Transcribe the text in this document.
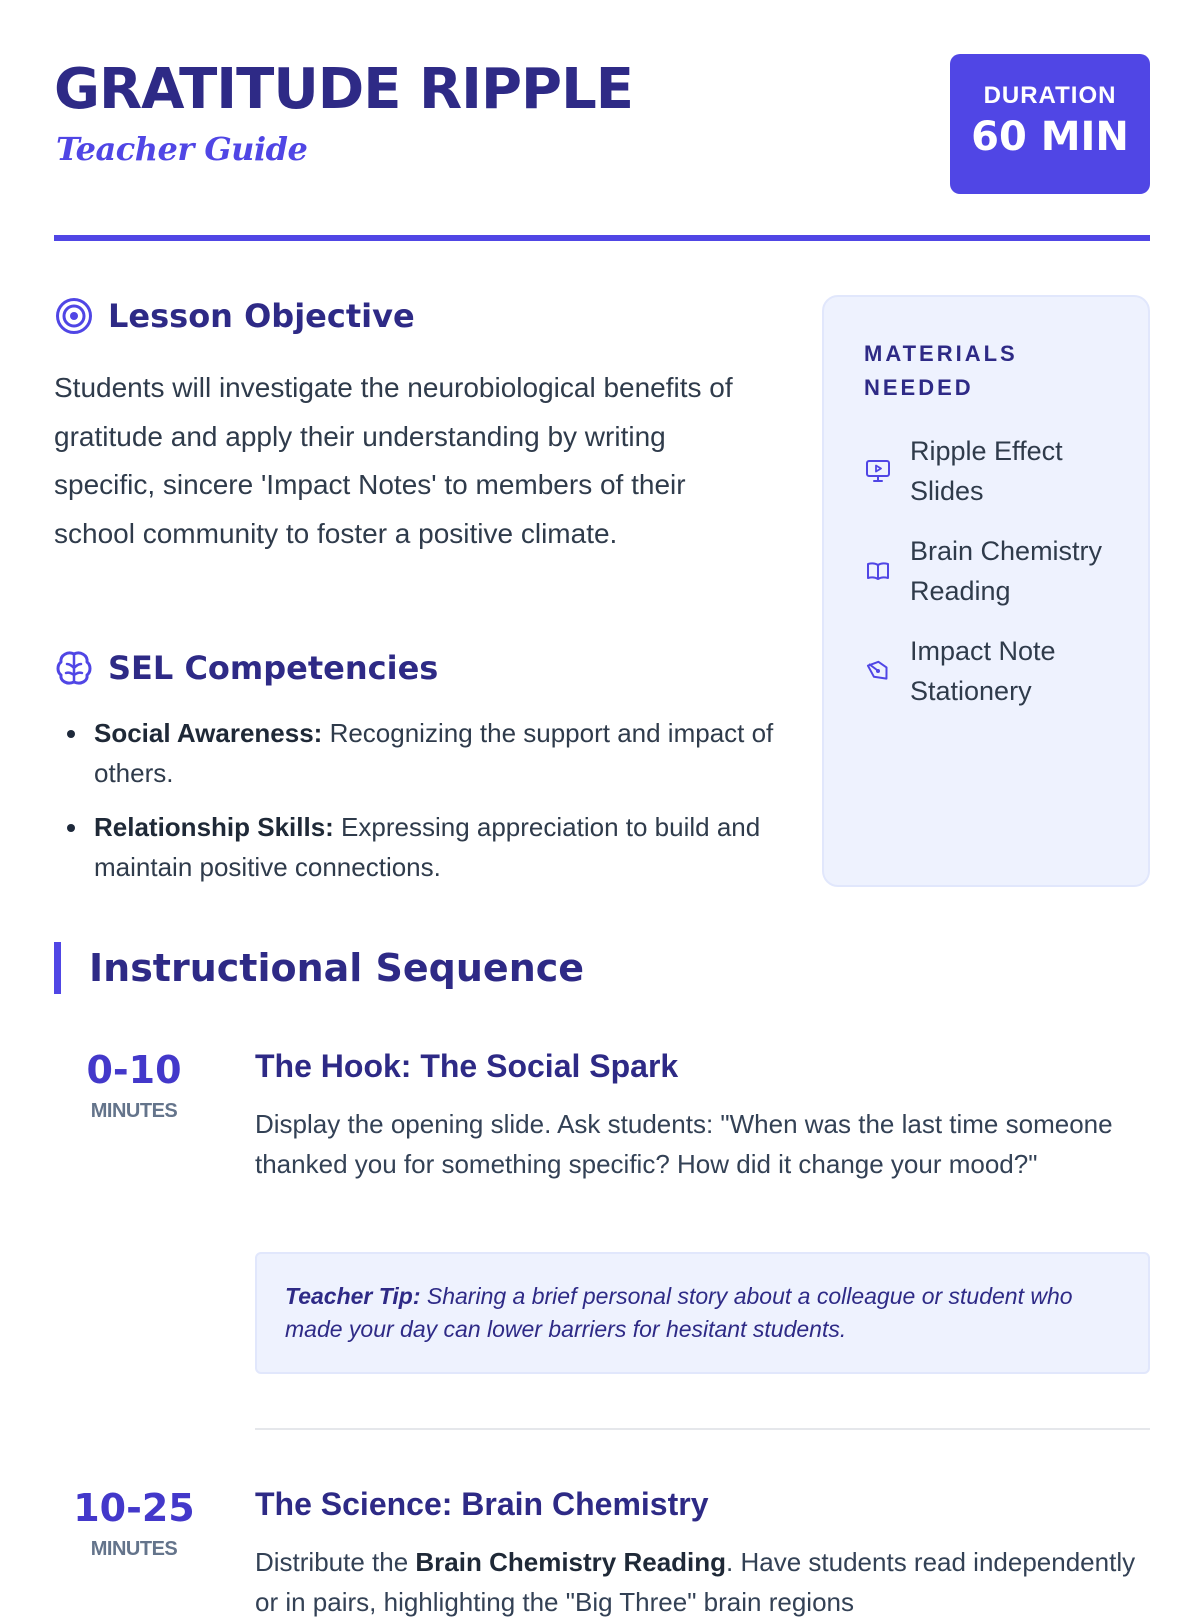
GRATITUDE RIPPLE
Teacher Guide
DURATION
60 MIN
Lesson Objective

Students will investigate the neurobiological benefits of gratitude and apply their understanding by writing specific, sincere 'Impact Notes' to members of their school community to foster a positive climate.

SEL Competencies
Social Awareness: Recognizing the support and impact of others.
Relationship Skills: Expressing appreciation to build and maintain positive connections.
MATERIALS NEEDED
Ripple Effect Slides
Brain Chemistry Reading
Impact Note Stationery
Instructional Sequence
0-10
MINUTES
The Hook: The Social Spark

Display the opening slide. Ask students: "When was the last time someone thanked you for something specific? How did it change your mood?"

Teacher Tip: Sharing a brief personal story about a colleague or student who made your day can lower barriers for hesitant students.
10-25
MINUTES
The Science: Brain Chemistry

Distribute the Brain Chemistry Reading. Have students read independently or in pairs, highlighting the "Big Three" brain regions
